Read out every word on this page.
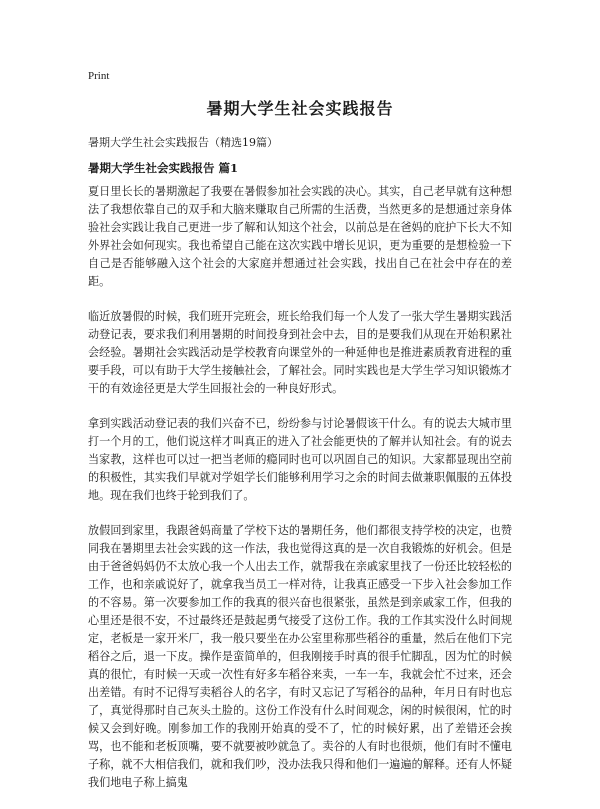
Print
暑期大学生社会实践报告

暑期大学生社会实践报告（精选19篇）

暑期大学生社会实践报告 篇1

夏日里长长的暑期激起了我要在暑假参加社会实践的决心。其实，自己老早就有这种想法了我想依靠自己的双手和大脑来赚取自己所需的生活费，当然更多的是想通过亲身体验社会实践让我自己更进一步了解和认知这个社会，以前总是在爸妈的庇护下长大不知外界社会如何现实。我也希望自己能在这次实践中增长见识，更为重要的是想检验一下自己是否能够融入这个社会的大家庭并想通过社会实践，找出自己在社会中存在的差距。

临近放暑假的时候，我们班开完班会，班长给我们每一个人发了一张大学生暑期实践活动登记表，要求我们利用暑期的时间投身到社会中去，目的是要我们从现在开始积累社会经验。暑期社会实践活动是学校教育向课堂外的一种延伸也是推进素质教育进程的重要手段，可以有助于大学生接触社会，了解社会。同时实践也是大学生学习知识锻炼才干的有效途径更是大学生回报社会的一种良好形式。

拿到实践活动登记表的我们兴奋不已，纷纷参与讨论暑假该干什么。有的说去大城市里打一个月的工，他们说这样才叫真正的进入了社会能更快的了解并认知社会。有的说去当家教，这样也可以过一把当老师的瘾同时也可以巩固自己的知识。大家都显现出空前的积极性，其实我们早就对学姐学长们能够利用学习之余的时间去做兼职佩服的五体投地。现在我们也终于轮到我们了。

放假回到家里，我跟爸妈商量了学校下达的暑期任务，他们都很支持学校的决定，也赞同我在暑期里去社会实践的这一作法，我也觉得这真的是一次自我锻炼的好机会。但是由于爸爸妈妈仍不太放心我一个人出去工作，就帮我在亲戚家里找了一份还比较轻松的工作，也和亲戚说好了，就拿我当员工一样对待，让我真正感受一下步入社会参加工作的不容易。第一次要参加工作的我真的很兴奋也很紧张，虽然是到亲戚家工作，但我的心里还是很不安，不过最终还是鼓起勇气接受了这份工作。我的工作其实没什么时间规定，老板是一家开米厂，我一般只要坐在办公室里称那些稻谷的重量，然后在他们下完稻谷之后，退一下皮。操作是蛮简单的，但我刚接手时真的很手忙脚乱，因为忙的时候真的很忙，有时候一天或一次性有好多车稻谷来卖，一车一车，我就会忙不过来，还会出差错。有时不记得写卖稻谷人的名字，有时又忘记了写稻谷的品种，年月日有时也忘了，真觉得那时自己灰头土脸的。这份工作没有什么时间观念，闲的时候很闲，忙的时候又会到好晚。刚参加工作的我刚开始真的受不了，忙的时候好累，出了差错还会挨骂，也不能和老板顶嘴，要不就要被吵就急了。卖谷的人有时也很烦，他们有时不懂电子称，就不大相信我们，就和我们吵，没办法我只得和他们一遍遍的解释。还有人怀疑我们地电子称上搞鬼
